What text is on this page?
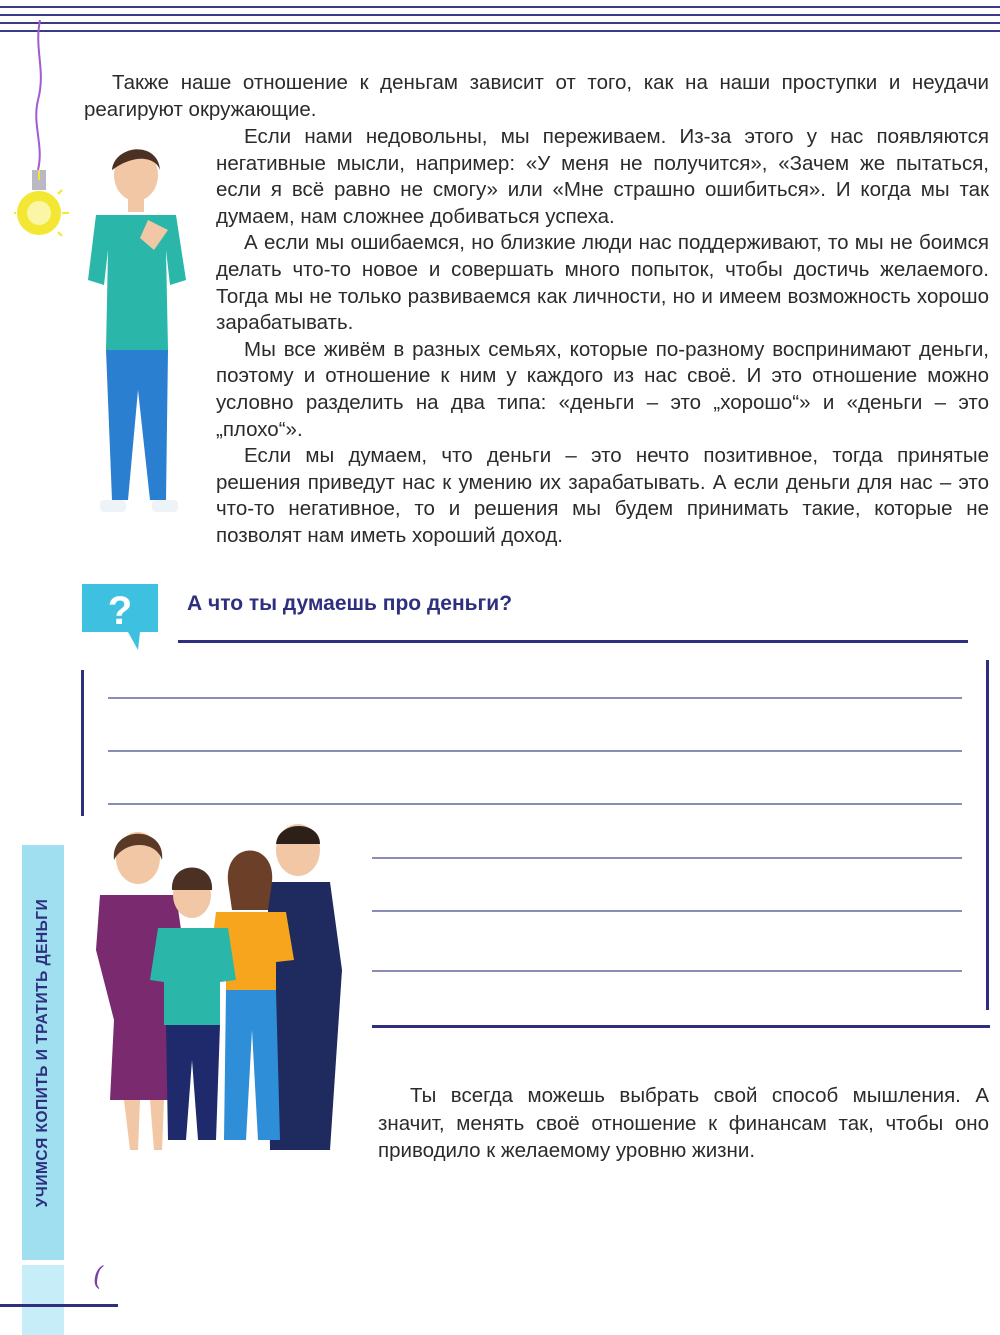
Также наше отношение к деньгам зависит от того, как на наши проступки и неудачи реагируют окружающие.

Если нами недовольны, мы переживаем. Из-за этого у нас появляются негативные мысли, например: «У меня не получится», «Зачем же пытаться, если я всё равно не смогу» или «Мне страшно ошибиться». И когда мы так думаем, нам сложнее добиваться успеха.

А если мы ошибаемся, но близкие люди нас поддерживают, то мы не боимся делать что-то новое и совершать много попыток, чтобы достичь желаемого. Тогда мы не только развиваемся как личности, но и имеем возможность хорошо зарабатывать.

Мы все живём в разных семьях, которые по-разному воспринимают деньги, поэтому и отношение к ним у каждого из нас своё. И это отношение можно условно разделить на два типа: «деньги – это „хорошо“» и «деньги – это „плохо“».

Если мы думаем, что деньги – это нечто позитивное, тогда принятые решения приведут нас к умению их зарабатывать. А если деньги для нас – это что-то негативное, то и решения мы будем принимать такие, которые не позволят нам иметь хороший доход.

?	А что ты думаешь про деньги?

Ты всегда можешь выбрать свой способ мышления. А значит, менять своё отношение к финансам так, чтобы оно приводило к желаемому уровню жизни.

УЧИМСЯ КОПИТЬ И ТРАТИТЬ ДЕНЬГИ
(
